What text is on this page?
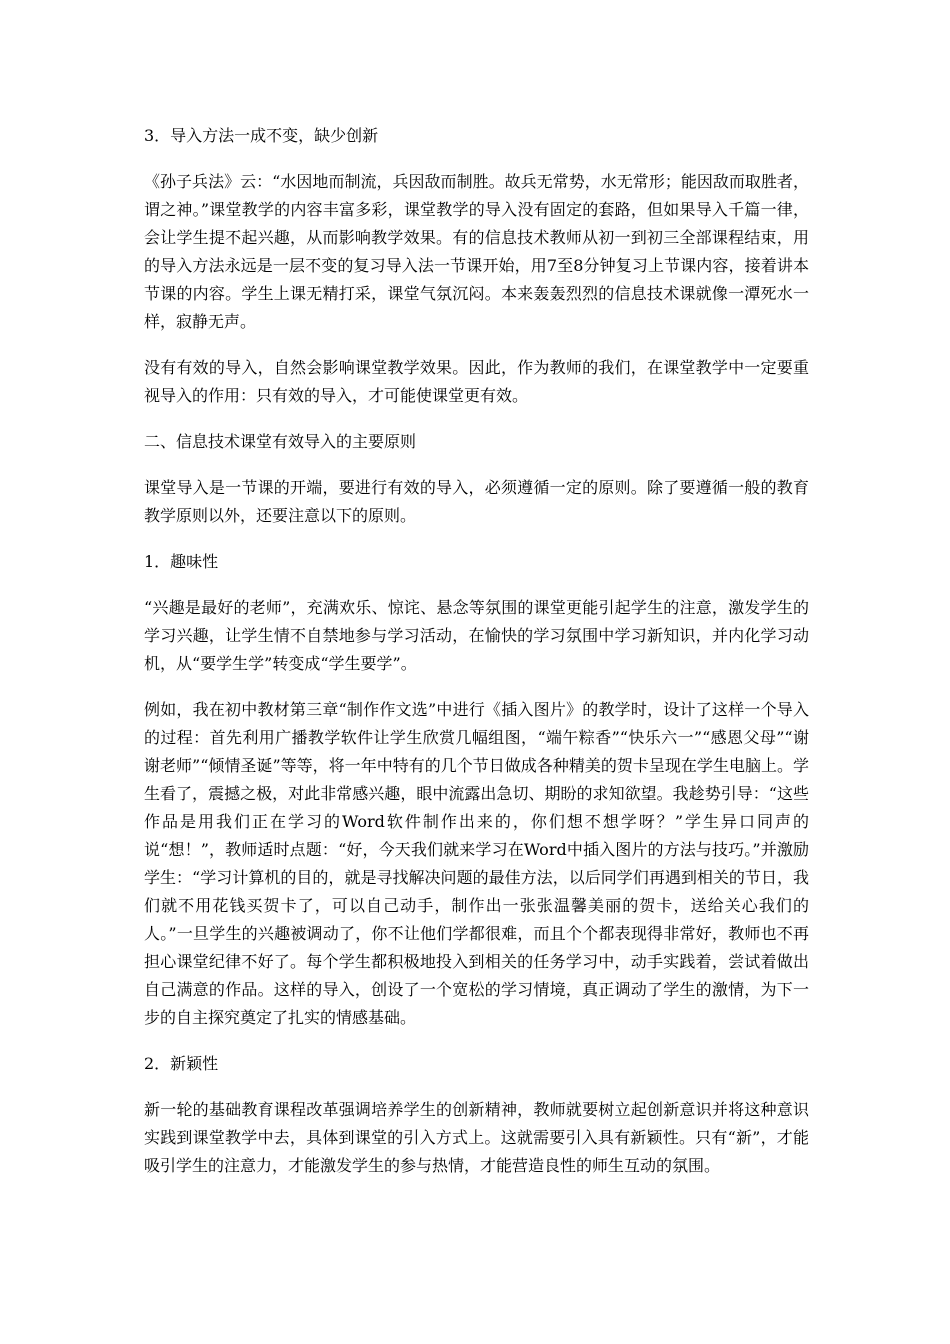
3．导入方法一成不变，缺少创新
《孙子兵法》云：“水因地而制流，兵因敌而制胜。故兵无常势，水无常形；能因敌而取胜者，谓之神。”课堂教学的内容丰富多彩，课堂教学的导入没有固定的套路，但如果导入千篇一律，会让学生提不起兴趣，从而影响教学效果。有的信息技术教师从初一到初三全部课程结束，用的导入方法永远是一层不变的复习导入法一节课开始，用7至8分钟复习上节课内容，接着讲本节课的内容。学生上课无精打采，课堂气氛沉闷。本来轰轰烈烈的信息技术课就像一潭死水一样，寂静无声。
没有有效的导入，自然会影响课堂教学效果。因此，作为教师的我们，在课堂教学中一定要重视导入的作用：只有效的导入，才可能使课堂更有效。
二、信息技术课堂有效导入的主要原则
课堂导入是一节课的开端，要进行有效的导入，必须遵循一定的原则。除了要遵循一般的教育教学原则以外，还要注意以下的原则。
1．趣味性
“兴趣是最好的老师”，充满欢乐、惊诧、悬念等氛围的课堂更能引起学生的注意，激发学生的学习兴趣，让学生情不自禁地参与学习活动，在愉快的学习氛围中学习新知识，并内化学习动机，从“要学生学”转变成“学生要学”。
例如，我在初中教材第三章“制作作文选”中进行《插入图片》的教学时，设计了这样一个导入的过程：首先利用广播教学软件让学生欣赏几幅组图，“端午粽香”“快乐六一”“感恩父母”“谢谢老师”“倾情圣诞”等等，将一年中特有的几个节日做成各种精美的贺卡呈现在学生电脑上。学生看了，震撼之极，对此非常感兴趣，眼中流露出急切、期盼的求知欲望。我趁势引导：“这些作品是用我们正在学习的Word软件制作出来的，你们想不想学呀？”学生异口同声的说“想！”，教师适时点题：“好，今天我们就来学习在Word中插入图片的方法与技巧。”并激励学生：“学习计算机的目的，就是寻找解决问题的最佳方法，以后同学们再遇到相关的节日，我们就不用花钱买贺卡了，可以自己动手，制作出一张张温馨美丽的贺卡，送给关心我们的人。”一旦学生的兴趣被调动了，你不让他们学都很难，而且个个都表现得非常好，教师也不再担心课堂纪律不好了。每个学生都积极地投入到相关的任务学习中，动手实践着，尝试着做出自己满意的作品。这样的导入，创设了一个宽松的学习情境，真正调动了学生的激情，为下一步的自主探究奠定了扎实的情感基础。
2．新颖性
新一轮的基础教育课程改革强调培养学生的创新精神，教师就要树立起创新意识并将这种意识实践到课堂教学中去，具体到课堂的引入方式上。这就需要引入具有新颖性。只有“新”，才能吸引学生的注意力，才能激发学生的参与热情，才能营造良性的师生互动的氛围。
